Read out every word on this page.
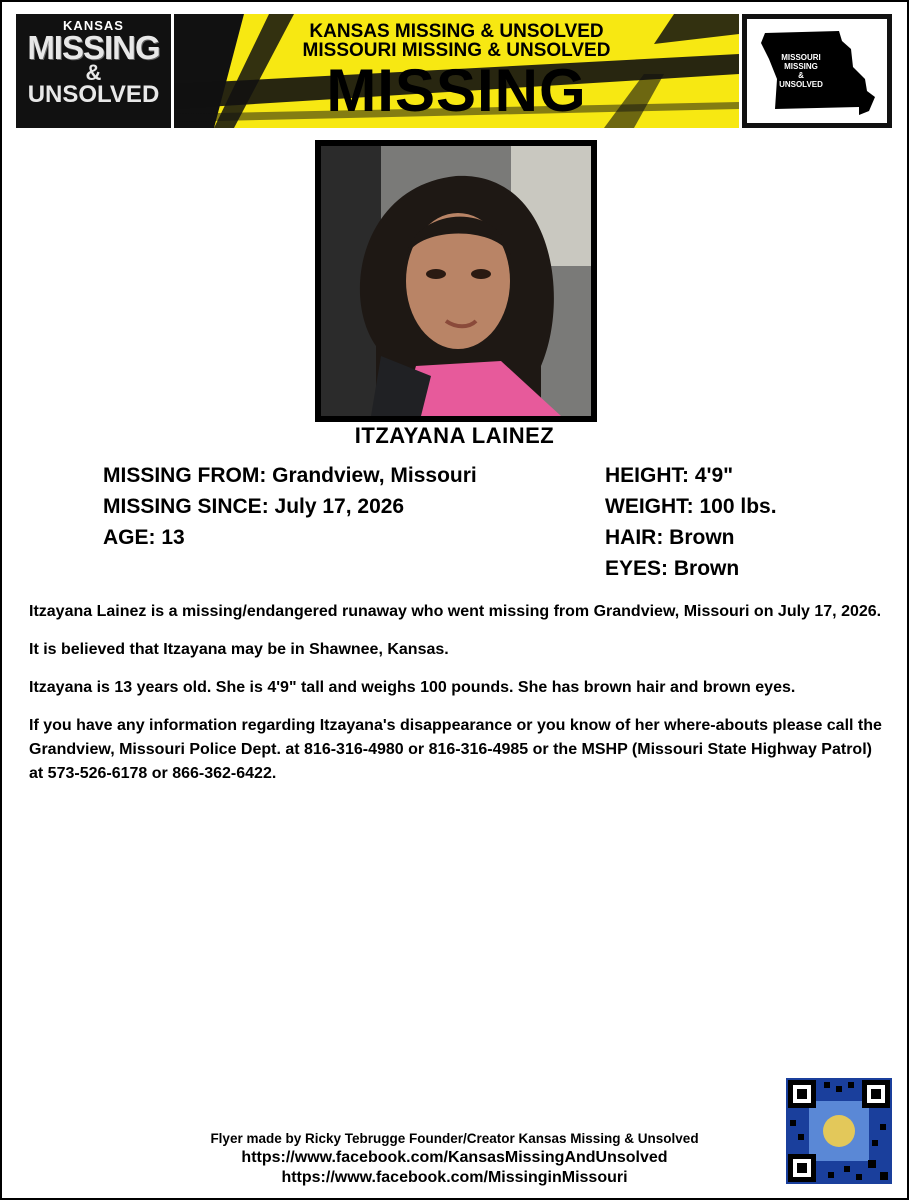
KANSAS
MISSING
&
UNSOLVED
KANSAS MISSING & UNSOLVED
MISSOURI MISSING & UNSOLVED
MISSING	MISSOURI
MISSING
&
UNSOLVED
ITZAYANA LAINEZ
MISSING FROM: Grandview, Missouri
MISSING SINCE: July 17, 2026
AGE: 13
HEIGHT: 4'9"
WEIGHT: 100 lbs.
HAIR: Brown
EYES: Brown

Itzayana Lainez is a missing/endangered runaway who went missing from Grandview, Missouri on July 17, 2026.

It is believed that Itzayana may be in Shawnee, Kansas.

Itzayana is 13 years old. She is 4'9" tall and weighs 100 pounds. She has brown hair and brown eyes.

If you have any information regarding Itzayana's disappearance or you know of her where-abouts please call the Grandview, Missouri Police Dept. at 816-316-4980 or 816-316-4985 or the MSHP (Missouri State Highway Patrol) at 573-526-6178 or 866-362-6422.

Flyer made by Ricky Tebrugge Founder/Creator Kansas Missing & Unsolved
https://www.facebook.com/KansasMissingAndUnsolved
https://www.facebook.com/MissinginMissouri
